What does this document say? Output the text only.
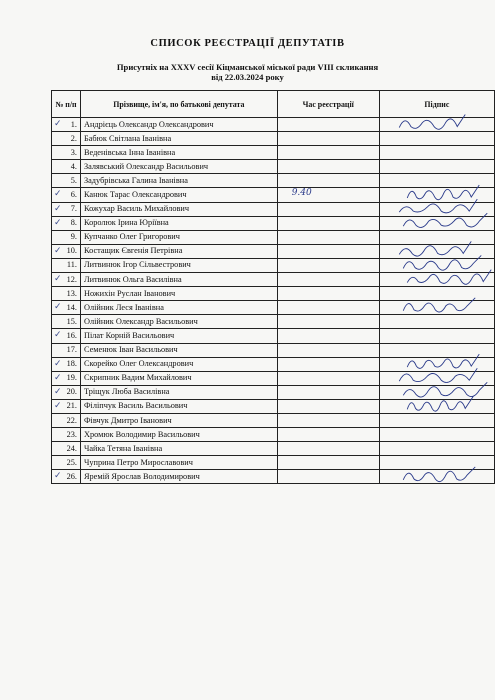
СПИСОК РЕЄСТРАЦІЇ ДЕПУТАТІВ
Присутніх на XXXV сесії Кіцманської міської ради VIII скликання
від 22.03.2024 року
№ п/п	Прізвище, ім'я, по батькові депутата	Час реєстрації	Підпис

✓ 1.	Андрієць Олександр Олександрович		
2.	Бабюк Світлана Іванівна		
3.	Веденівська Інна Іванівна		
4.	Залявський Олександр Васильович		
5.	Задубрівська Галина Іванівна		

✓ 6.	Канюк Тарас Олександрович	9.40	

✓ 7.	Кожухар Василь Михайлович		

✓ 8.	Королюк Ірина Юріївна		
9.	Купчанко Олег Григорович		

✓ 10.	Костащик Євгенія Петрівна		
11.	Литвинюк Ігор Сільвестрович		

✓ 12.	Литвинюк Ольга Василівна		
13.	Ножихін Руслан Іванович		

✓ 14.	Олійник Леся Іванівна		
15.	Олійник Олександр Васильович		

✓ 16.	Пілат Корній Васильович		
17.	Семенюк Іван Васильович		

✓ 18.	Скорейко Олег Олександрович		

✓ 19.	Скрипник Вадим Михайлович		

✓ 20.	Тріщук Люба Василівна		

✓ 21.	Філіпчук Василь Васильович		
22.	Фівчук Дмитро Іванович		
23.	Хромюк Володимир Васильович		
24.	Чайка Тетяна Іванівна		
25.	Чуприна Петро Мирославович		

✓ 26.	Яремій Ярослав Володимирович		
